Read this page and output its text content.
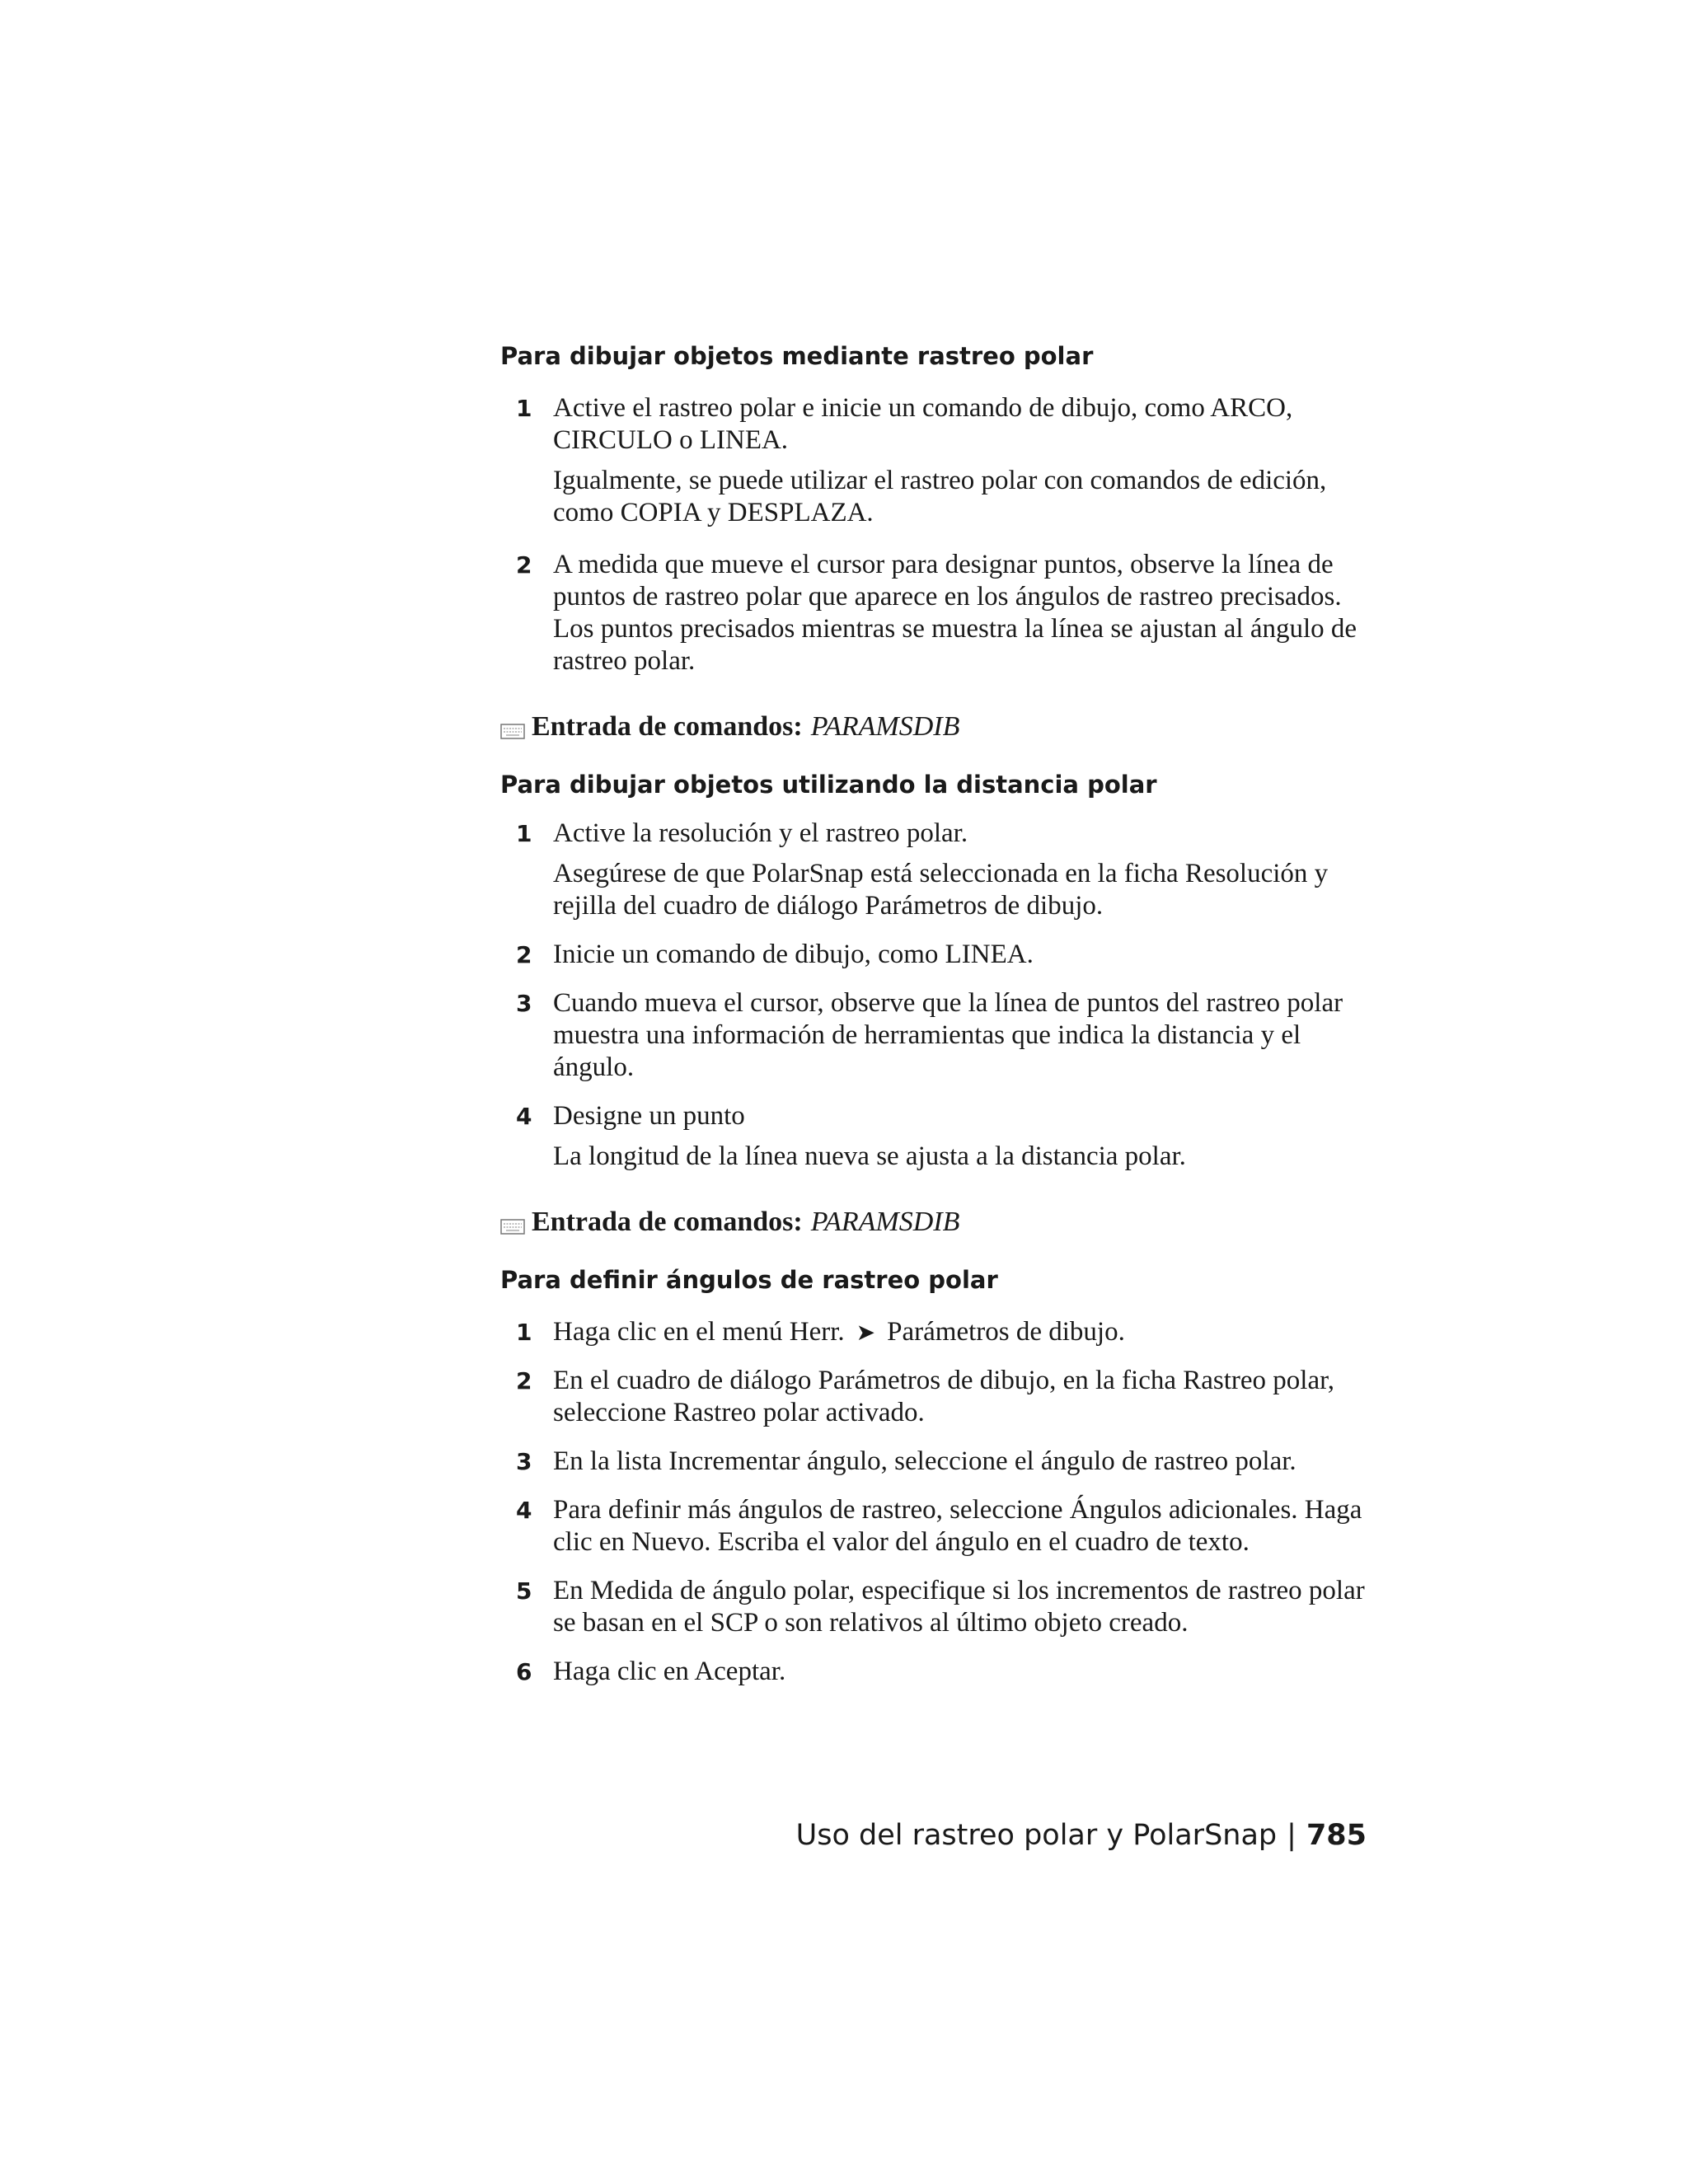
Para dibujar objetos mediante rastreo polar
1 Active el rastreo polar e inicie un comando de dibujo, como ARCO, CIRCULO o LINEA.

Igualmente, se puede utilizar el rastreo polar con comandos de edición, como COPIA y DESPLAZA.

2 A medida que mueve el cursor para designar puntos, observe la línea de puntos de rastreo polar que aparece en los ángulos de rastreo precisados. Los puntos precisados mientras se muestra la línea se ajustan al ángulo de rastreo polar.

Entrada de comandos: PARAMSDIB

Para dibujar objetos utilizando la distancia polar
1 Active la resolución y el rastreo polar.

Asegúrese de que PolarSnap está seleccionada en la ficha Resolución y rejilla del cuadro de diálogo Parámetros de dibujo.

2 Inicie un comando de dibujo, como LINEA.

3 Cuando mueva el cursor, observe que la línea de puntos del rastreo polar muestra una información de herramientas que indica la distancia y el ángulo.

4 Designe un punto

La longitud de la línea nueva se ajusta a la distancia polar.

Entrada de comandos: PARAMSDIB

Para definir ángulos de rastreo polar
1 Haga clic en el menú Herr. ➤ Parámetros de dibujo.

2 En el cuadro de diálogo Parámetros de dibujo, en la ficha Rastreo polar, seleccione Rastreo polar activado.

3 En la lista Incrementar ángulo, seleccione el ángulo de rastreo polar.

4 Para definir más ángulos de rastreo, seleccione Ángulos adicionales. Haga clic en Nuevo. Escriba el valor del ángulo en el cuadro de texto.

5 En Medida de ángulo polar, especifique si los incrementos de rastreo polar se basan en el SCP o son relativos al último objeto creado.

6 Haga clic en Aceptar.

Uso del rastreo polar y PolarSnap | 785
